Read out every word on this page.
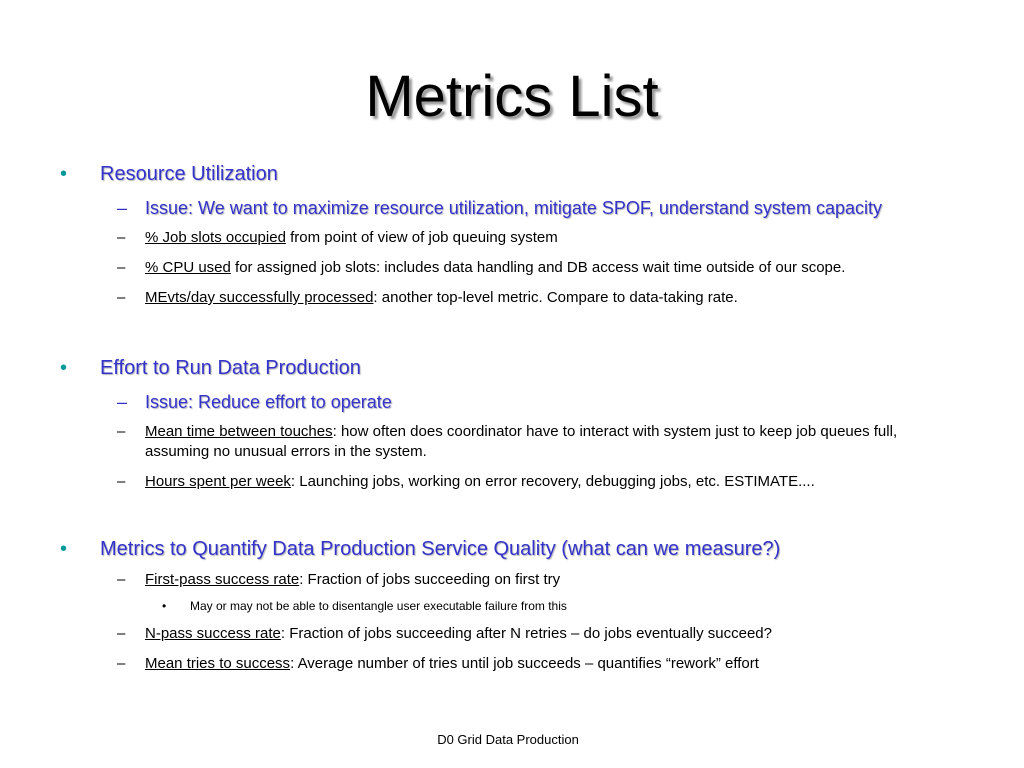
Metrics List
• Resource Utilization
– Issue: We want to maximize resource utilization, mitigate SPOF, understand system capacity
– % Job slots occupied from point of view of job queuing system
– % CPU used for assigned job slots: includes data handling and DB access wait time outside of our scope.
– MEvts/day successfully processed: another top-level metric. Compare to data-taking rate.
• Effort to Run Data Production
– Issue: Reduce effort to operate
– Mean time between touches: how often does coordinator have to interact with system just to keep job queues full, assuming no unusual errors in the system.
– Hours spent per week: Launching jobs, working on error recovery, debugging jobs, etc. ESTIMATE....
• Metrics to Quantify Data Production Service Quality (what can we measure?)
– First-pass success rate: Fraction of jobs succeeding on first try
• May or may not be able to disentangle user executable failure from this
– N-pass success rate: Fraction of jobs succeeding after N retries – do jobs eventually succeed?
– Mean tries to success: Average number of tries until job succeeds – quantifies “rework” effort
D0 Grid Data Production
